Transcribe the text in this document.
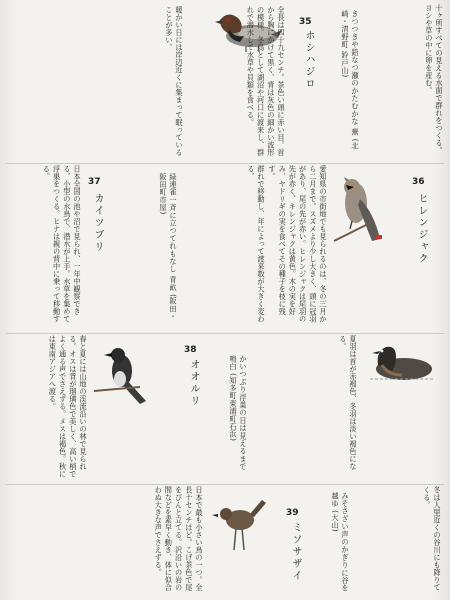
十ヶ所すべての見える水面で群れをつくる。ヨシや草の中に卵を産む。

35
ホシハジロ	きつつきや鉛なつ瀬のかたむかな 蕪 (北崎・清野町 鈴戸山)

全長は四十九センチ。茶色い頭に赤い目。首から胸にかけて黒く、背は灰色の細かい波形の模様。冬鳥として湖沼や河口に渡来し、群れで潜水して水草や貝類を食べる。

暖かい日には岸辺近くに集まって眠っていることが多い。

36
ヒレンジャク

愛知県の市街地でも見られるのは、冬の三月から二月まで。スズメより少し大きく、頭に冠羽があり、尾の先が赤い。ヒレンジャクは尾羽の先が赤く、キレンジャクは黄色。木の実を好み、ヤドリギの実を食べてその種子を枝に残す。

緑連雀一斉に立つてれもなし 青畝 (阪田・阪田町市屋)	群れで移動し、年によって渡来数が大きく変わる。

37
カイツブリ

日本全国の池や沼で見られ、一年中観察できる。小型の水鳥で、潜水が上手。水草を集めて浮巣をつくる。ヒナは親の背中に乗って移動する。

夏羽は首が赤褐色、冬羽は淡い褐色になる。

かいつぶり浮巣の日は見えるまで 鳴白 (知多町東浦町石浜)
38
オオルリ

春と夏には山地の渓流沿いの林で見られる。オスは背が瑠璃色で美しく、高い梢でよく通る声でさえずる。メスは褐色。秋には東南アジアへ渡る。

冬は人里近くの谷川にも降りてくる。

みそさざい声のかぎりに谷を越ゆ (大山)
39
ミソサザイ

日本で最も小さい鳥の一つ。全長十センチほど。こげ茶色で尾をぴんと立てる。沢沿いの岩の間などを素早く動き、体に似合わぬ大きな声でさえずる。
